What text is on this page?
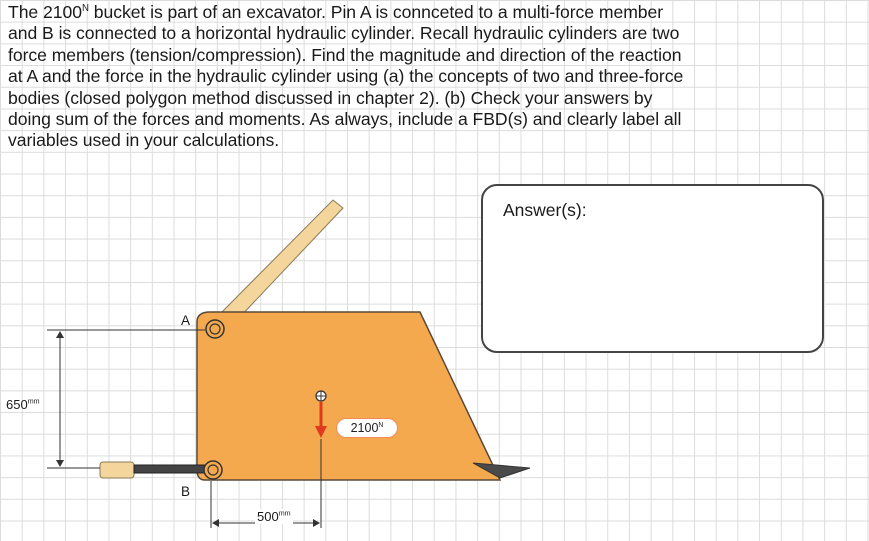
The $2100^N$ bucket is part of an excavator. Pin A is connceted to a multi-force member
and B is connected to a horizontal hydraulic cylinder. Recall hydraulic cylinders are two
force members (tension/compression). Find the magnitude and direction of the reaction
at A and the force in the hydraulic cylinder using (a) the concepts of two and three-force
bodies (closed polygon method discussed in chapter 2). (b) Check your answers by
doing sum of the forces and moments. As always, include a FBD(s) and clearly label all
variables used in your calculations.
A
B
$650^{mm}$
$500^{mm}$
$2100^N$
Answer(s):
